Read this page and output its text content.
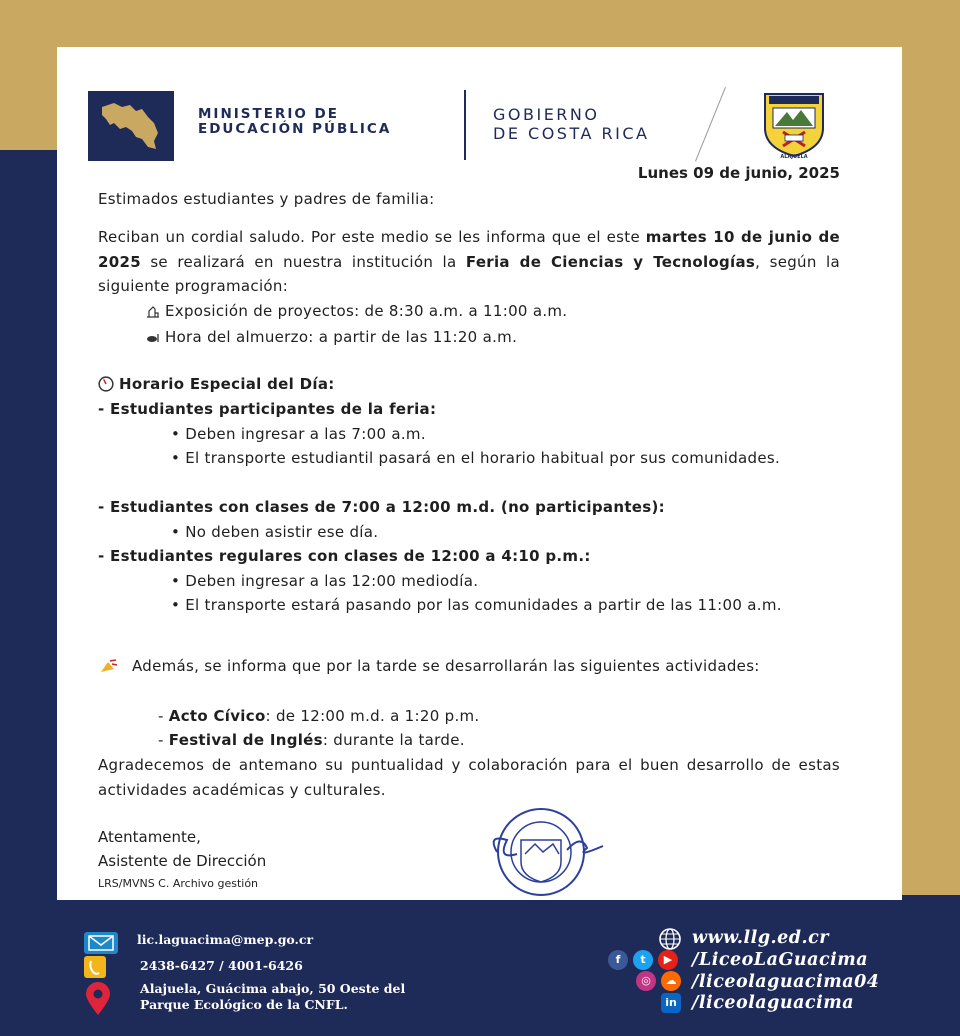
MINISTERIO DE
EDUCACIÓN PÚBLICA
GOBIERNO
DE COSTA RICA
ALAJUELA
Lunes 09 de junio, 2025
Estimados estudiantes y padres de familia:
Reciban un cordial saludo. Por este medio se les informa que el este martes 10 de junio de 2025 se realizará en nuestra institución la Feria de Ciencias y Tecnologías, según la siguiente programación:
Exposición de proyectos: de 8:30 a.m. a 11:00 a.m.
Hora del almuerzo: a partir de las 11:20 a.m.
Horario Especial del Día:
- Estudiantes participantes de la feria:
• Deben ingresar a las 7:00 a.m.
• El transporte estudiantil pasará en el horario habitual por sus comunidades.
- Estudiantes con clases de 7:00 a 12:00 m.d. (no participantes):
• No deben asistir ese día.
- Estudiantes regulares con clases de 12:00 a 4:10 p.m.:
• Deben ingresar a las 12:00 mediodía.
• El transporte estará pasando por las comunidades a partir de las 11:00 a.m.
Además, se informa que por la tarde se desarrollarán las siguientes actividades:
- Acto Cívico: de 12:00 m.d. a 1:20 p.m.
- Festival de Inglés: durante la tarde.
Agradecemos de antemano su puntualidad y colaboración para el buen desarrollo de estas actividades académicas y culturales.
Atentamente,
Asistente de Dirección
LRS/MVNS C. Archivo gestión
lic.laguacima@mep.go.cr
2438-6427 / 4001-6426
Alajuela, Guácima abajo, 50 Oeste del
Parque Ecológico de la CNFL.
www.llg.ed.cr
f	t	▶	/LiceoLaGuacima
◎	☁ /liceolaguacima04
in /liceolaguacima
